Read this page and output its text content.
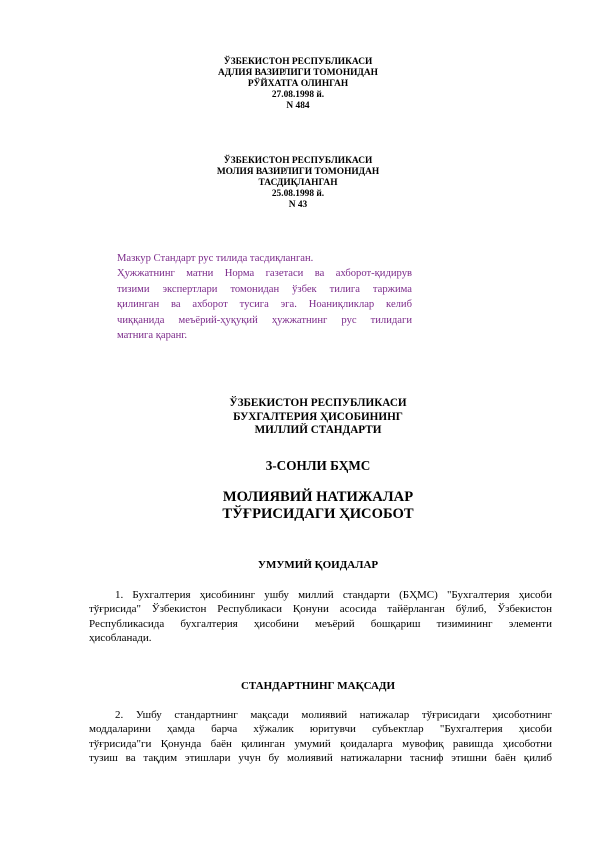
ЎЗБЕКИСТОН РЕСПУБЛИКАСИ
АДЛИЯ ВАЗИРЛИГИ ТОМОНИДАН
РЎЙХАТГА ОЛИНГАН
27.08.1998 й.
N 484
ЎЗБЕКИСТОН РЕСПУБЛИКАСИ
МОЛИЯ ВАЗИРЛИГИ ТОМОНИДАН
ТАСДИҚЛАНГАН
25.08.1998 й.
N 43
Мазкур Стандарт рус тилида тасдиқланган.
Ҳужжатнинг матни Норма газетаси ва ахборот-қидирув
тизими экспертлари томонидан ўзбек тилига таржима
қилинган ва ахборот тусига эга. Ноаниқликлар келиб
чиққанида меъёрий-ҳуқуқий ҳужжатнинг рус тилидаги
матнига қаранг.
ЎЗБЕКИСТОН РЕСПУБЛИКАСИ
БУХГАЛТЕРИЯ ҲИСОБИНИНГ
МИЛЛИЙ СТАНДАРТИ
3-СОНЛИ БҲМС
МОЛИЯВИЙ НАТИЖАЛАР
ТЎҒРИСИДАГИ ҲИСОБОТ
УМУМИЙ ҚОИДАЛАР
1. Бухгалтерия ҳисобининг ушбу миллий стандарти (БҲМС) "Бухгалтерия ҳисоби
тўғрисида" Ўзбекистон Республикаси Қонуни асосида тайёрланган бўлиб, Ўзбекистон
Республикасида бухгалтерия ҳисобини меъёрий бошқариш тизимининг элементи
ҳисобланади.
СТАНДАРТНИНГ МАҚСАДИ
2. Ушбу стандартнинг мақсади молиявий натижалар тўғрисидаги ҳисоботнинг
моддаларини ҳамда барча хўжалик юритувчи субъектлар "Бухгалтерия ҳисоби
тўғрисида"ги Қонунда баён қилинган умумий қоидаларга мувофиқ равишда ҳисоботни
тузиш ва тақдим этишлари учун бу молиявий натижаларни тасниф этишни баён қилиб
